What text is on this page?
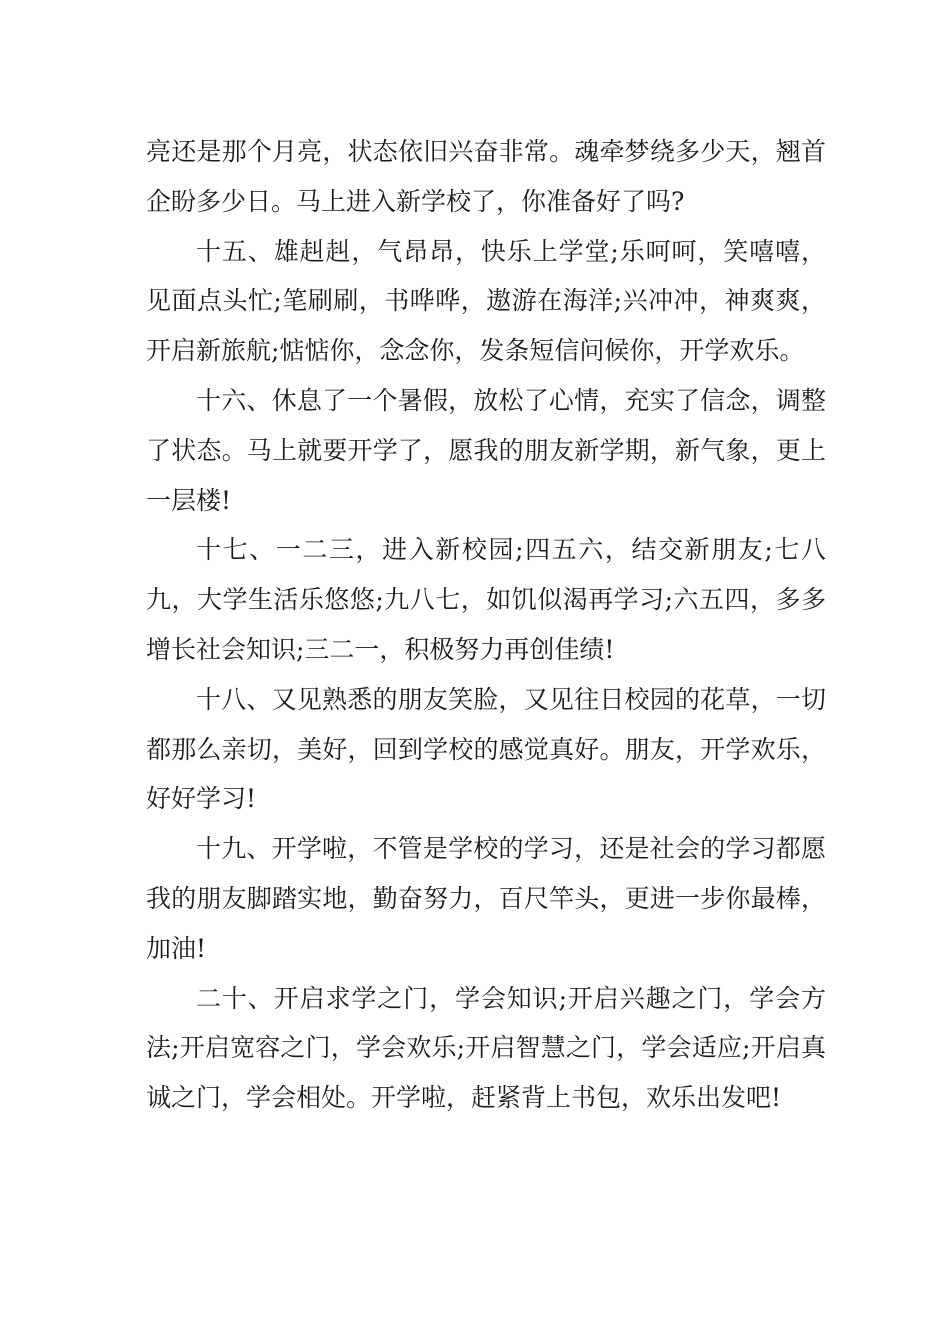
亮还是那个月亮，状态依旧兴奋非常。魂牵梦绕多少天，翘首企盼多少日。马上进入新学校了，你准备好了吗?

十五、雄赳赳，气昂昂，快乐上学堂;乐呵呵，笑嘻嘻，见面点头忙;笔刷刷，书哗哗，遨游在海洋;兴冲冲，神爽爽，开启新旅航;惦惦你，念念你，发条短信问候你，开学欢乐。

十六、休息了一个暑假，放松了心情，充实了信念，调整了状态。马上就要开学了，愿我的朋友新学期，新气象，更上一层楼!

十七、一二三，进入新校园;四五六，结交新朋友;七八九，大学生活乐悠悠;九八七，如饥似渴再学习;六五四，多多增长社会知识;三二一，积极努力再创佳绩!

十八、又见熟悉的朋友笑脸，又见往日校园的花草，一切都那么亲切，美好，回到学校的感觉真好。朋友，开学欢乐，好好学习!

十九、开学啦，不管是学校的学习，还是社会的学习都愿我的朋友脚踏实地，勤奋努力，百尺竿头，更进一步你最棒，加油!

二十、开启求学之门，学会知识;开启兴趣之门，学会方法;开启宽容之门，学会欢乐;开启智慧之门，学会适应;开启真诚之门，学会相处。开学啦，赶紧背上书包，欢乐出发吧!
